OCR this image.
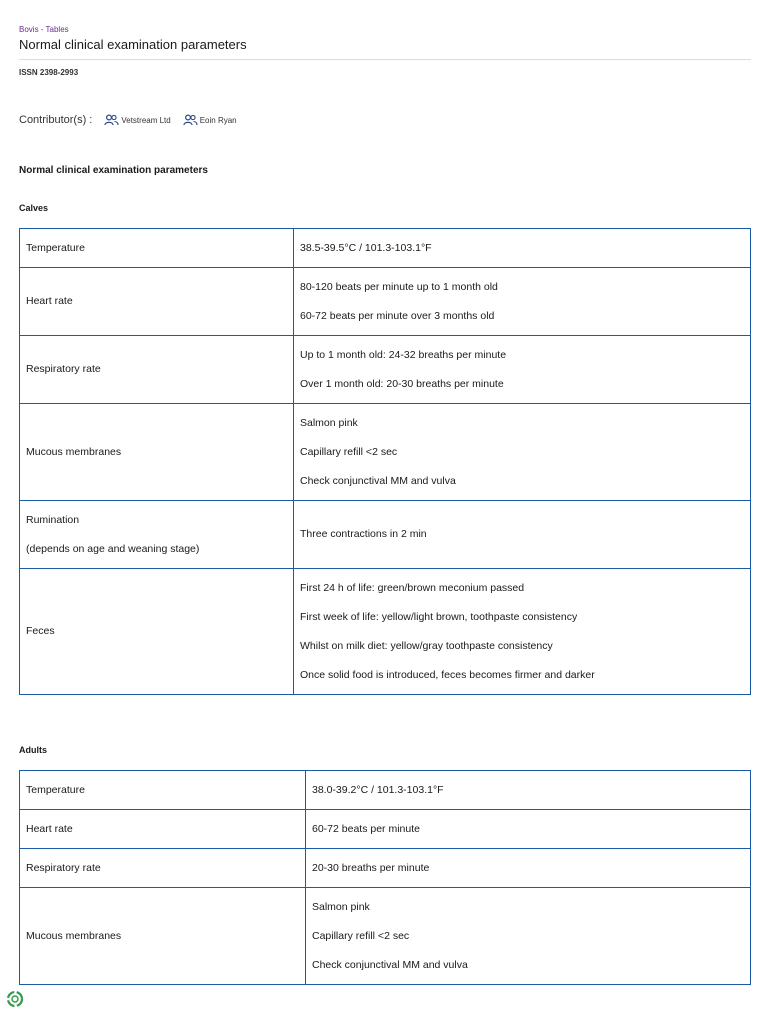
Bovis - Tables
Normal clinical examination parameters
ISSN 2398-2993
Contributor(s) :	Vetstream Ltd	Eoin Ryan
Normal clinical examination parameters
Calves

Temperature	38.5-39.5°C / 101.3-103.1°F

Heart rate	80-120 beats per minute up to 1 month old

60-72 beats per minute over 3 months old

Respiratory rate	Up to 1 month old: 24-32 breaths per minute

Over 1 month old: 20-30 breaths per minute

Mucous membranes	Salmon pink

Capillary refill <2 sec

Check conjunctival MM and vulva

Rumination

(depends on age and weaning stage)	Three contractions in 2 min

Feces	First 24 h of life: green/brown meconium passed

First week of life: yellow/light brown, toothpaste consistency

Whilst on milk diet: yellow/gray toothpaste consistency

Once solid food is introduced, feces becomes firmer and darker

Adults

Temperature	38.0-39.2°C / 101.3-103.1°F

Heart rate	60-72 beats per minute

Respiratory rate	20-30 breaths per minute

Mucous membranes	Salmon pink

Capillary refill <2 sec

Check conjunctival MM and vulva
